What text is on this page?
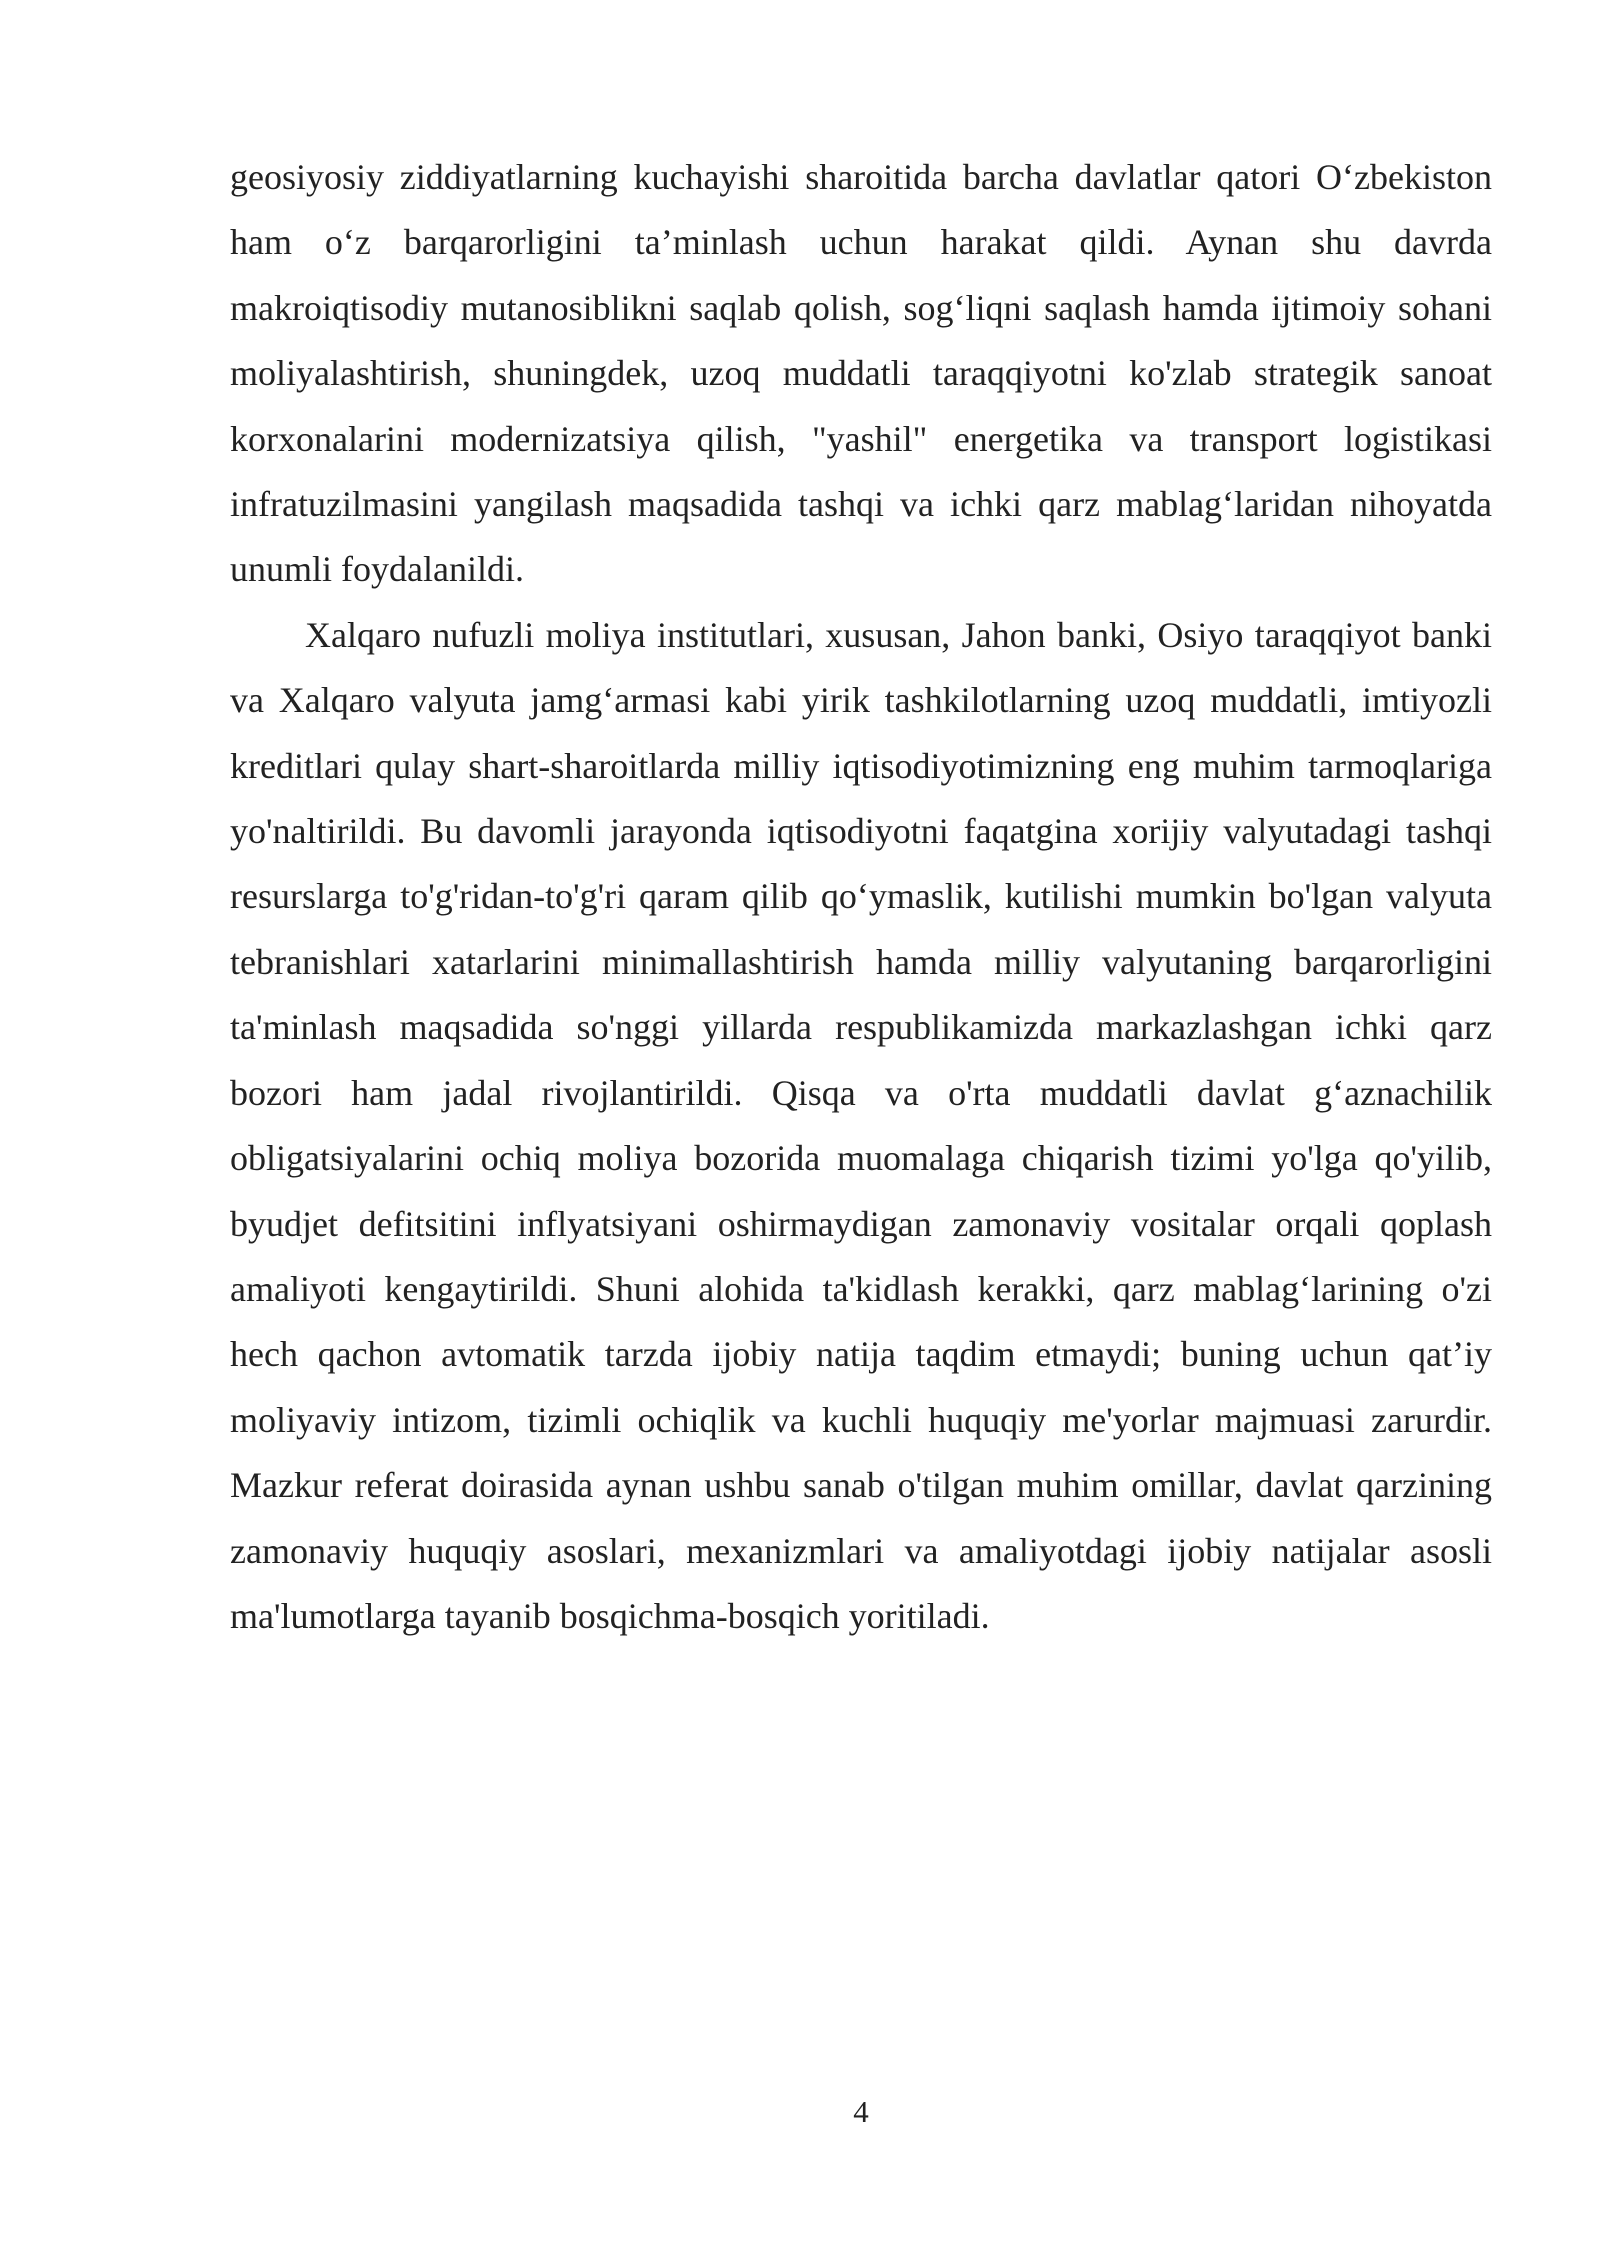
geosiyosiy ziddiyatlarning kuchayishi sharoitida barcha davlatlar qatori O‘zbekiston ham o‘z barqarorligini ta’minlash uchun harakat qildi. Aynan shu davrda makroiqtisodiy mutanosiblikni saqlab qolish, sog‘liqni saqlash hamda ijtimoiy sohani moliyalashtirish, shuningdek, uzoq muddatli taraqqiyotni ko'zlab strategik sanoat korxonalarini modernizatsiya qilish, "yashil" energetika va transport logistikasi infratuzilmasini yangilash maqsadida tashqi va ichki qarz mablag‘laridan nihoyatda unumli foydalanildi.

Xalqaro nufuzli moliya institutlari, xususan, Jahon banki, Osiyo taraqqiyot banki va Xalqaro valyuta jamg‘armasi kabi yirik tashkilotlarning uzoq muddatli, imtiyozli kreditlari qulay shart-sharoitlarda milliy iqtisodiyotimizning eng muhim tarmoqlariga yo'naltirildi. Bu davomli jarayonda iqtisodiyotni faqatgina xorijiy valyutadagi tashqi resurslarga to'g'ridan-to'g'ri qaram qilib qo‘ymaslik, kutilishi mumkin bo'lgan valyuta tebranishlari xatarlarini minimallashtirish hamda milliy valyutaning barqarorligini ta'minlash maqsadida so'nggi yillarda respublikamizda markazlashgan ichki qarz bozori ham jadal rivojlantirildi. Qisqa va o'rta muddatli davlat g‘aznachilik obligatsiyalarini ochiq moliya bozorida muomalaga chiqarish tizimi yo'lga qo'yilib, byudjet defitsitini inflyatsiyani oshirmaydigan zamonaviy vositalar orqali qoplash amaliyoti kengaytirildi. Shuni alohida ta'kidlash kerakki, qarz mablag‘larining o'zi hech qachon avtomatik tarzda ijobiy natija taqdim etmaydi; buning uchun qat’iy moliyaviy intizom, tizimli ochiqlik va kuchli huquqiy me'yorlar majmuasi zarurdir. Mazkur referat doirasida aynan ushbu sanab o'tilgan muhim omillar, davlat qarzining zamonaviy huquqiy asoslari, mexanizmlari va amaliyotdagi ijobiy natijalar asosli ma'lumotlarga tayanib bosqichma-bosqich yoritiladi.

4
